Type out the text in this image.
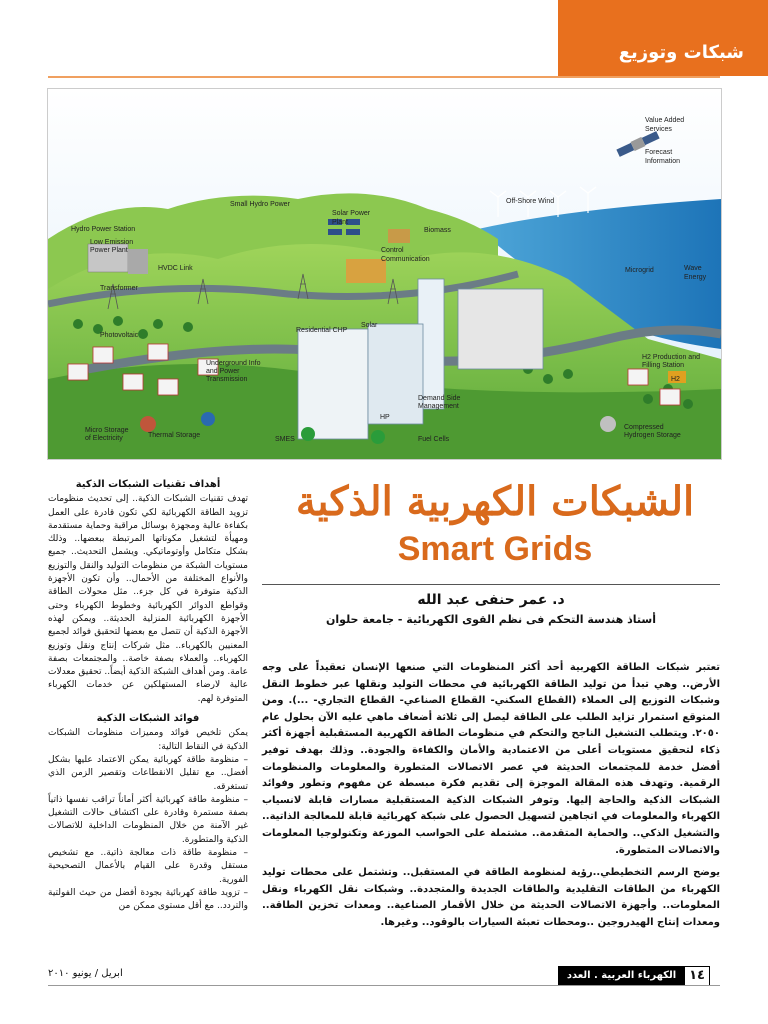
شبكات وتوزيع
Value Added Services
Forecast Information
Off-Shore Wind
Small Hydro Power
Solar Power Plant
Hydro Power Station	Biomass
Low Emission Power Plant
HVDC Link
Control Communication
Microgrid	Wave Energy
Transformer
Photovoltaic
Solar
Residential CHP
Underground Info and Power Transmission
H2 Production and Filling Station
H2
Demand Side Management
HP
Micro Storage of Electricity	Thermal Storage
SMES	Fuel Cells
Compressed Hydrogen Storage
الشبكات الكهربية الذكية
Smart Grids
د. عمر حنفى عبد الله
أستاذ هندسة التحكم فى نظم القوى الكهربائية - جامعة حلوان

تعتبر شبكات الطاقة الكهربية أحد أكثر المنظومات التي صنعها الإنسان تعقيداً على وجه الأرض.. وهي تبدأ من توليد الطاقة الكهربائية في محطات التوليد ونقلها عبر خطوط النقل وشبكات التوزيع إلى العملاء (القطاع السكني- القطاع الصناعي- القطاع التجاري- ...). ومن المتوقع استمرار تزايد الطلب على الطاقة ليصل إلى ثلاثة أضعاف ماهي عليه الآن بحلول عام ٢٠٥٠. ويتطلب التشغيل الناجح والتحكم في منظومات الطاقة الكهربية المستقبلية أجهزة أكثر ذكاء لتحقيق مستويات أعلى من الاعتمادية والأمان والكفاءة والجودة.. وذلك بهدف توفير أفضل خدمة للمجتمعات الحديثة في عصر الاتصالات المتطورة والمعلومات والمنظومات الرقمية. وتهدف هذه المقالة الموجزة إلى تقديم فكرة مبسطة عن مفهوم وتطور وفوائد الشبكات الذكية والحاجة إليها. وتوفر الشبكات الذكية المستقبلية مسارات قابلة لانسياب الكهرباء والمعلومات في اتجاهين لتسهيل الحصول على شبكة كهربائية قابلة للمعالجة الذاتية.. والتشغيل الذكي.. والحماية المتقدمة.. مشتملة على الحواسب الموزعة وتكنولوجيا المعلومات والاتصالات المتطورة.

يوضح الرسم التخطيطي..رؤية لمنظومة الطاقة في المستقبل.. وتشتمل على محطات توليد الكهرباء من الطاقات التقليدية والطاقات الجديدة والمتجددة.. وشبكات نقل الكهرباء ونقل المعلومات.. وأجهزة الاتصالات الحديثة من خلال الأقمار الصناعية.. ومعدات تخزين الطاقة.. ومعدات إنتاج الهيدروجين ..ومحطات تعبئة السيارات بالوقود.. وغيرها.

أهداف تقنيات الشبكات الذكية

تهدف تقنيات الشبكات الذكية.. إلى تحديث منظومات تزويد الطاقة الكهربائية لكي تكون قادرة على العمل بكفاءة عالية ومجهزة بوسائل مراقبة وحماية مستقدمة ومهيأة لتشغيل مكوناتها المرتبطة ببعضها.. وذلك بشكل متكامل وأوتوماتيكي. ويشمل التحديث.. جميع مستويات الشبكة من منظومات التوليد والنقل والتوزيع والأنواع المختلفة من الأحمال.. وأن تكون الأجهزة الذكية متوفرة في كل جزء.. مثل محولات الطاقة وقواطع الدوائر الكهربائية وخطوط الكهرباء وحتى الأجهزة الكهربائية المنزلية الحديثة.. ويمكن لهذه الأجهزة الذكية أن تتصل مع بعضها لتحقيق فوائد لجميع المعنيين بالكهرباء.. مثل شركات إنتاج ونقل وتوزيع الكهرباء.. والعملاء بصفة خاصة.. والمجتمعات بصفة عامة. ومن أهداف الشبكة الذكية أيضاً.. تحقيق معدلات عالية لارضاء المستهلكين عن خدمات الكهرباء المتوفرة لهم.

فوائد الشبكات الذكية

يمكن تلخيص فوائد ومميزات منظومات الشبكات الذكية في النقاط التالية:

– منظومة طاقة كهربائية يمكن الاعتماد عليها بشكل أفضل.. مع تقليل الانقطاعات وتقصير الزمن الذي تستغرقه.
– منظومة طاقة كهربائية أكثر أماناً تراقب نفسها ذاتياً بصفة مستمرة وقادرة على اكتشاف حالات التشغيل غير الآمنة من خلال المنظومات الداخلية للاتصالات الذكية والمتطورة.
– منظومة طاقة ذات معالجة ذاتية.. مع تشخيص مستقل وقدرة على القيام بالأعمال التصحيحية الفورية.
– تزويد طاقة كهربائية بجودة أفضل من حيث الفولتية والتردد.. مع أقل مستوى ممكن من
١٤
الكهرباء العربية . العدد ١٠٠
ابريل / يونيو ٢٠١٠
